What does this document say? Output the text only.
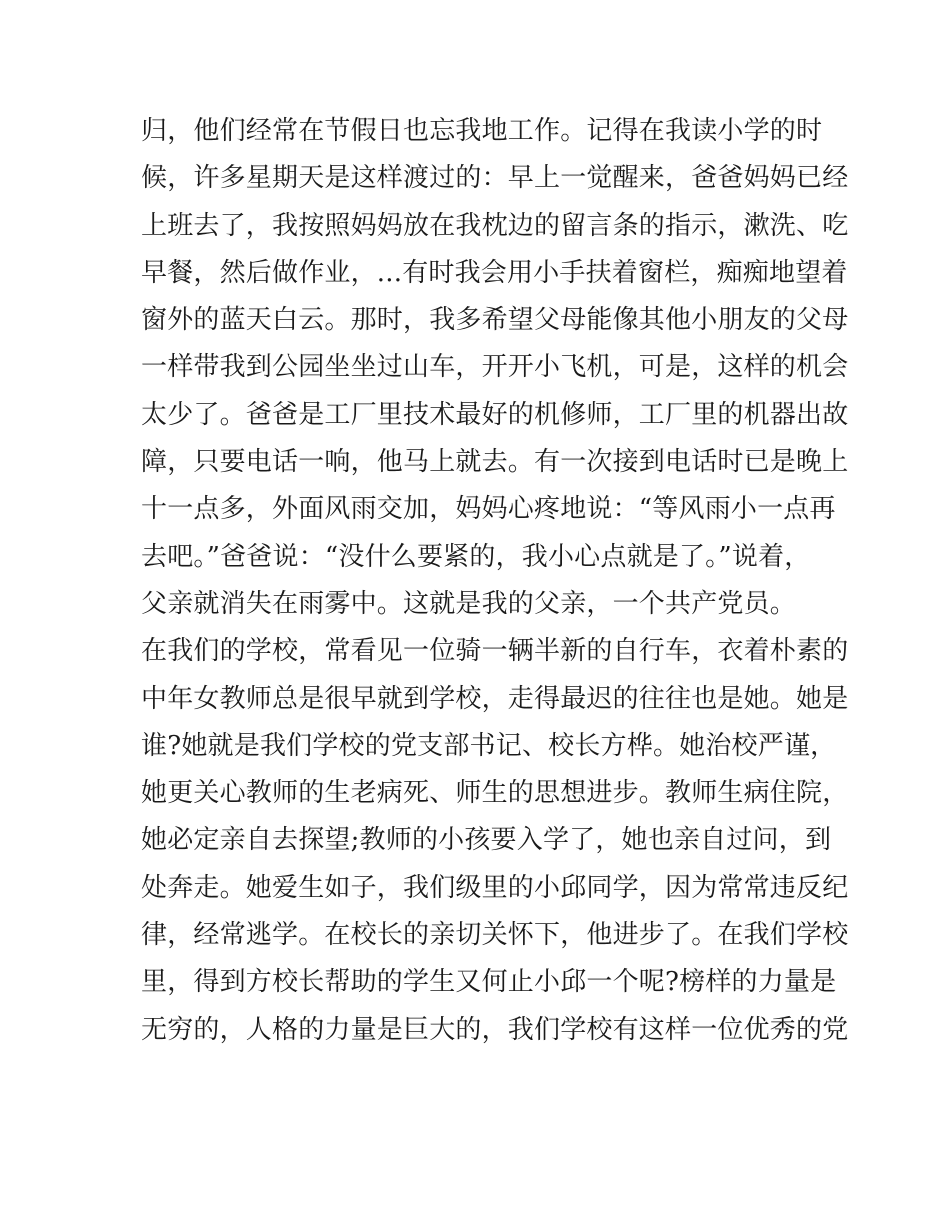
归，他们经常在节假日也忘我地工作。记得在我读小学的时
候，许多星期天是这样渡过的：早上一觉醒来，爸爸妈妈已经
上班去了，我按照妈妈放在我枕边的留言条的指示，漱洗、吃
早餐，然后做作业，...有时我会用小手扶着窗栏，痴痴地望着
窗外的蓝天白云。那时，我多希望父母能像其他小朋友的父母
一样带我到公园坐坐过山车，开开小飞机，可是，这样的机会
太少了。爸爸是工厂里技术最好的机修师，工厂里的机器出故
障，只要电话一响，他马上就去。有一次接到电话时已是晚上
十一点多，外面风雨交加，妈妈心疼地说：“等风雨小一点再
去吧。”爸爸说：“没什么要紧的，我小心点就是了。”说着，
父亲就消失在雨雾中。这就是我的父亲，一个共产党员。
在我们的学校，常看见一位骑一辆半新的自行车，衣着朴素的
中年女教师总是很早就到学校，走得最迟的往往也是她。她是
谁?她就是我们学校的党支部书记、校长方桦。她治校严谨，
她更关心教师的生老病死、师生的思想进步。教师生病住院，
她必定亲自去探望;教师的小孩要入学了，她也亲自过问，到
处奔走。她爱生如子，我们级里的小邱同学，因为常常违反纪
律，经常逃学。在校长的亲切关怀下，他进步了。在我们学校
里，得到方校长帮助的学生又何止小邱一个呢?榜样的力量是
无穷的，人格的力量是巨大的，我们学校有这样一位优秀的党
